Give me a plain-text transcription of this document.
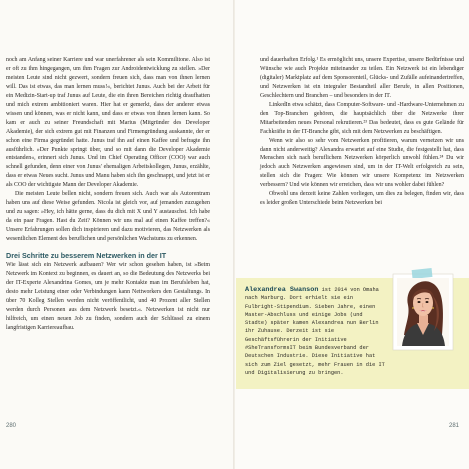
noch am Anfang seiner Karriere und war unerfahrener als sein Kommilitone. Also ist er oft zu ihm hingegangen, um ihm Fragen zur Androidentwicklung zu stellen. »Der meisten Leute sind nicht gezwert, sondern freuen sich, dass man von ihnen lernen will. Das ist etwas, das man lernen muss!«, berichtet Junus. Auch bei der Arbeit für ein Medizin-Start-up traf Junus auf Leute, die ein ihren Bereichen richtig draufhatten und mich extrem ambitioniert waren. Hier hat er gemerkt, dass der anderer etwas wissen und können, was er nicht kann, und dass er etwas von ihnen lernen kann. So kam er auch zu seiner Freundschaft mit Marius (Mitgründer des Developer Akademie), der sich extrem gut mit Finanzen und Firmengründung auskannte, der er schon eine Firma gegründet hatte. Junus traf ihn auf einen Kaffee und befragte ihn ausführlich. »Der Punkte springt über, und so mit dann die Developer Akademie entstanden«, erinnert sich Junus. Und im Chief Operating Officer (COO) war auch schnell gefunden, denn einer von Junus' ehemaligen Arbeitskollegen, Junus, erzählte, dass er etwas Neues sucht. Junus und Manu haben sich ihn geschnappt, und jetzt ist er als COO der wichtigste Mann der Developer Akademie.

Die meisten Leute bellen nicht, sondern freuen sich. Auch war als Autorentram haben uns auf diese Weise gefunden. Nicola ist gleich vor, auf jemanden zuzugehen und zu sagen: »Hey, ich hätte gerne, dass du dich mit X und Y austauschst. Ich habe da ein paar Fragen. Hast du Zeit? Können wir uns mal auf einen Kaffee treffen?« Unsere Erfahrungen sollen dich inspirieren und dazu motivieren, das Netzwerken als wesentlichen Element des beruflichen und persönlichen Wachstums zu erkennen.

Drei Schritte zu besserem Netzwerken in der IT

Wie lässt sich ein Netzwerk aufbauen? Wer wir schon gesehen haben, ist »Beim Netzwerk im Kontext zu beginnen, es dauert an, so die Bedeutung des Netzwerks bei der IT-Experte Alexandrina Gomes, um je mehr Kontakte man im Berufsleben hat, desto mehr Leistung einer oder Verbindungen kann Nettworkers den Gestaltungs. In über 70 Kolleg Stellen werden nicht veröffentlicht, und 40 Prozent aller Stellen werden durch Personen aus dem Netzwerk besetzt.«. Netzwerken ist nicht nur hilfreich, um einen neuen Job zu finden, sondern auch der Schlüssel zu einem langfristigen Karriereaufbau.

280

und dauerhaften Erfolg.¹ Es ermöglicht uns, unsere Expertise, unsere Bedürfnisse und Wünsche wie auch Projekte miteinander zu teilen. Ein Netzwerk ist ein lebendiger (digitaler) Marktplatz auf dem Sponsorenteil, Glücks- und Zufälle aufeinandertreffen, und Netzwerken ist ein integraler Bestandteil aller Berufe, in allen Positionen, Geschlechtern und Branchen – und besonders in der IT.

LinkedIn etwa schätzt, dass Computer-Software- und -Hardware-Unternehmen zu den Top-Branchen gehören, die hauptsächlich über die Netzwerke ihrer Mitarbeitenden neues Personal rekrutieren.²³ Das bedeutet, dass es gute Gelände für Fachkräfte in der IT-Branche gibt, sich mit dem Netzwerken zu beschäftigen.

Wenn wir also so sehr vom Netzwerken profitieren, warum vernetzen wir uns dann nicht anderweitig? Alexandra erwartet auf eine Studie, die festgestellt hat, dass Menschen sich nach beruflichem Netzwerken körperlich unwohl fühlen.²⁴ Du wir jedoch auch Netzwerken angewiesen sind, um in der IT-Welt erfolgreich zu sein, stellen sich die Fragen: Wie können wir unsere Kompetenz im Netzwerken verbessern? Und wie können wir erreichen, dass wir uns wohler dabei fühlen?

Obwohl uns derzeit keine Zahlen vorliegen, um dies zu belegen, finden wir, dass es leider großen Unterschiede beim Netzwerken bei

281
Alexandrea Swanson ist 2014 von Omaha nach Marburg. Dort erhielt sie ein Fulbright-Stipendium. Sieben Jahre, einen Master-Abschluss und einige Jobs (und Stadte) später kamen Alexandrea nun Berlin ihr Zuhause. Derzeit ist sie Geschäftsführerin der Initiative #SheTransformsIT beim Bundesverband der Deutschen Industrie. Diese Initiative hat sich zum Ziel gesetzt, mehr Frauen in die IT und Digitalisierung zu bringen.
